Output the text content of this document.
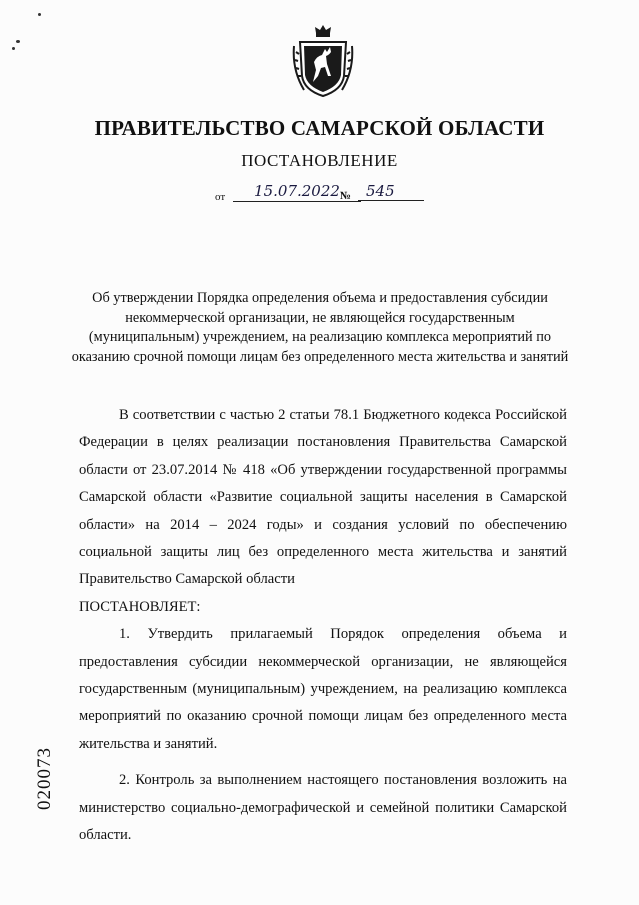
ПРАВИТЕЛЬСТВО САМАРСКОЙ ОБЛАСТИ
ПОСТАНОВЛЕНИЕ
от	15.07.2022 № 545

Об утверждении Порядка определения объема и предоставления субсидии некоммерческой организации, не являющейся государственным (муниципальным) учреждением, на реализацию комплекса мероприятий по оказанию срочной помощи лицам без определенного места жительства и занятий

В соответствии с частью 2 статьи 78.1 Бюджетного кодекса Российской Федерации в целях реализации постановления Правительства Самарской области от 23.07.2014 № 418 «Об утверждении государственной программы Самарской области «Развитие социальной защиты населения в Самарской области» на 2014 – 2024 годы» и создания условий по обеспечению социальной защиты лиц без определенного места жительства и занятий Правительство Самарской области

ПОСТАНОВЛЯЕТ:

1. Утвердить прилагаемый Порядок определения объема и предоставления субсидии некоммерческой организации, не являющейся государственным (муниципальным) учреждением, на реализацию комплекса мероприятий по оказанию срочной помощи лицам без определенного места жительства и занятий.

2. Контроль за выполнением настоящего постановления возложить на министерство социально-демографической и семейной политики Самарской области.

020073
